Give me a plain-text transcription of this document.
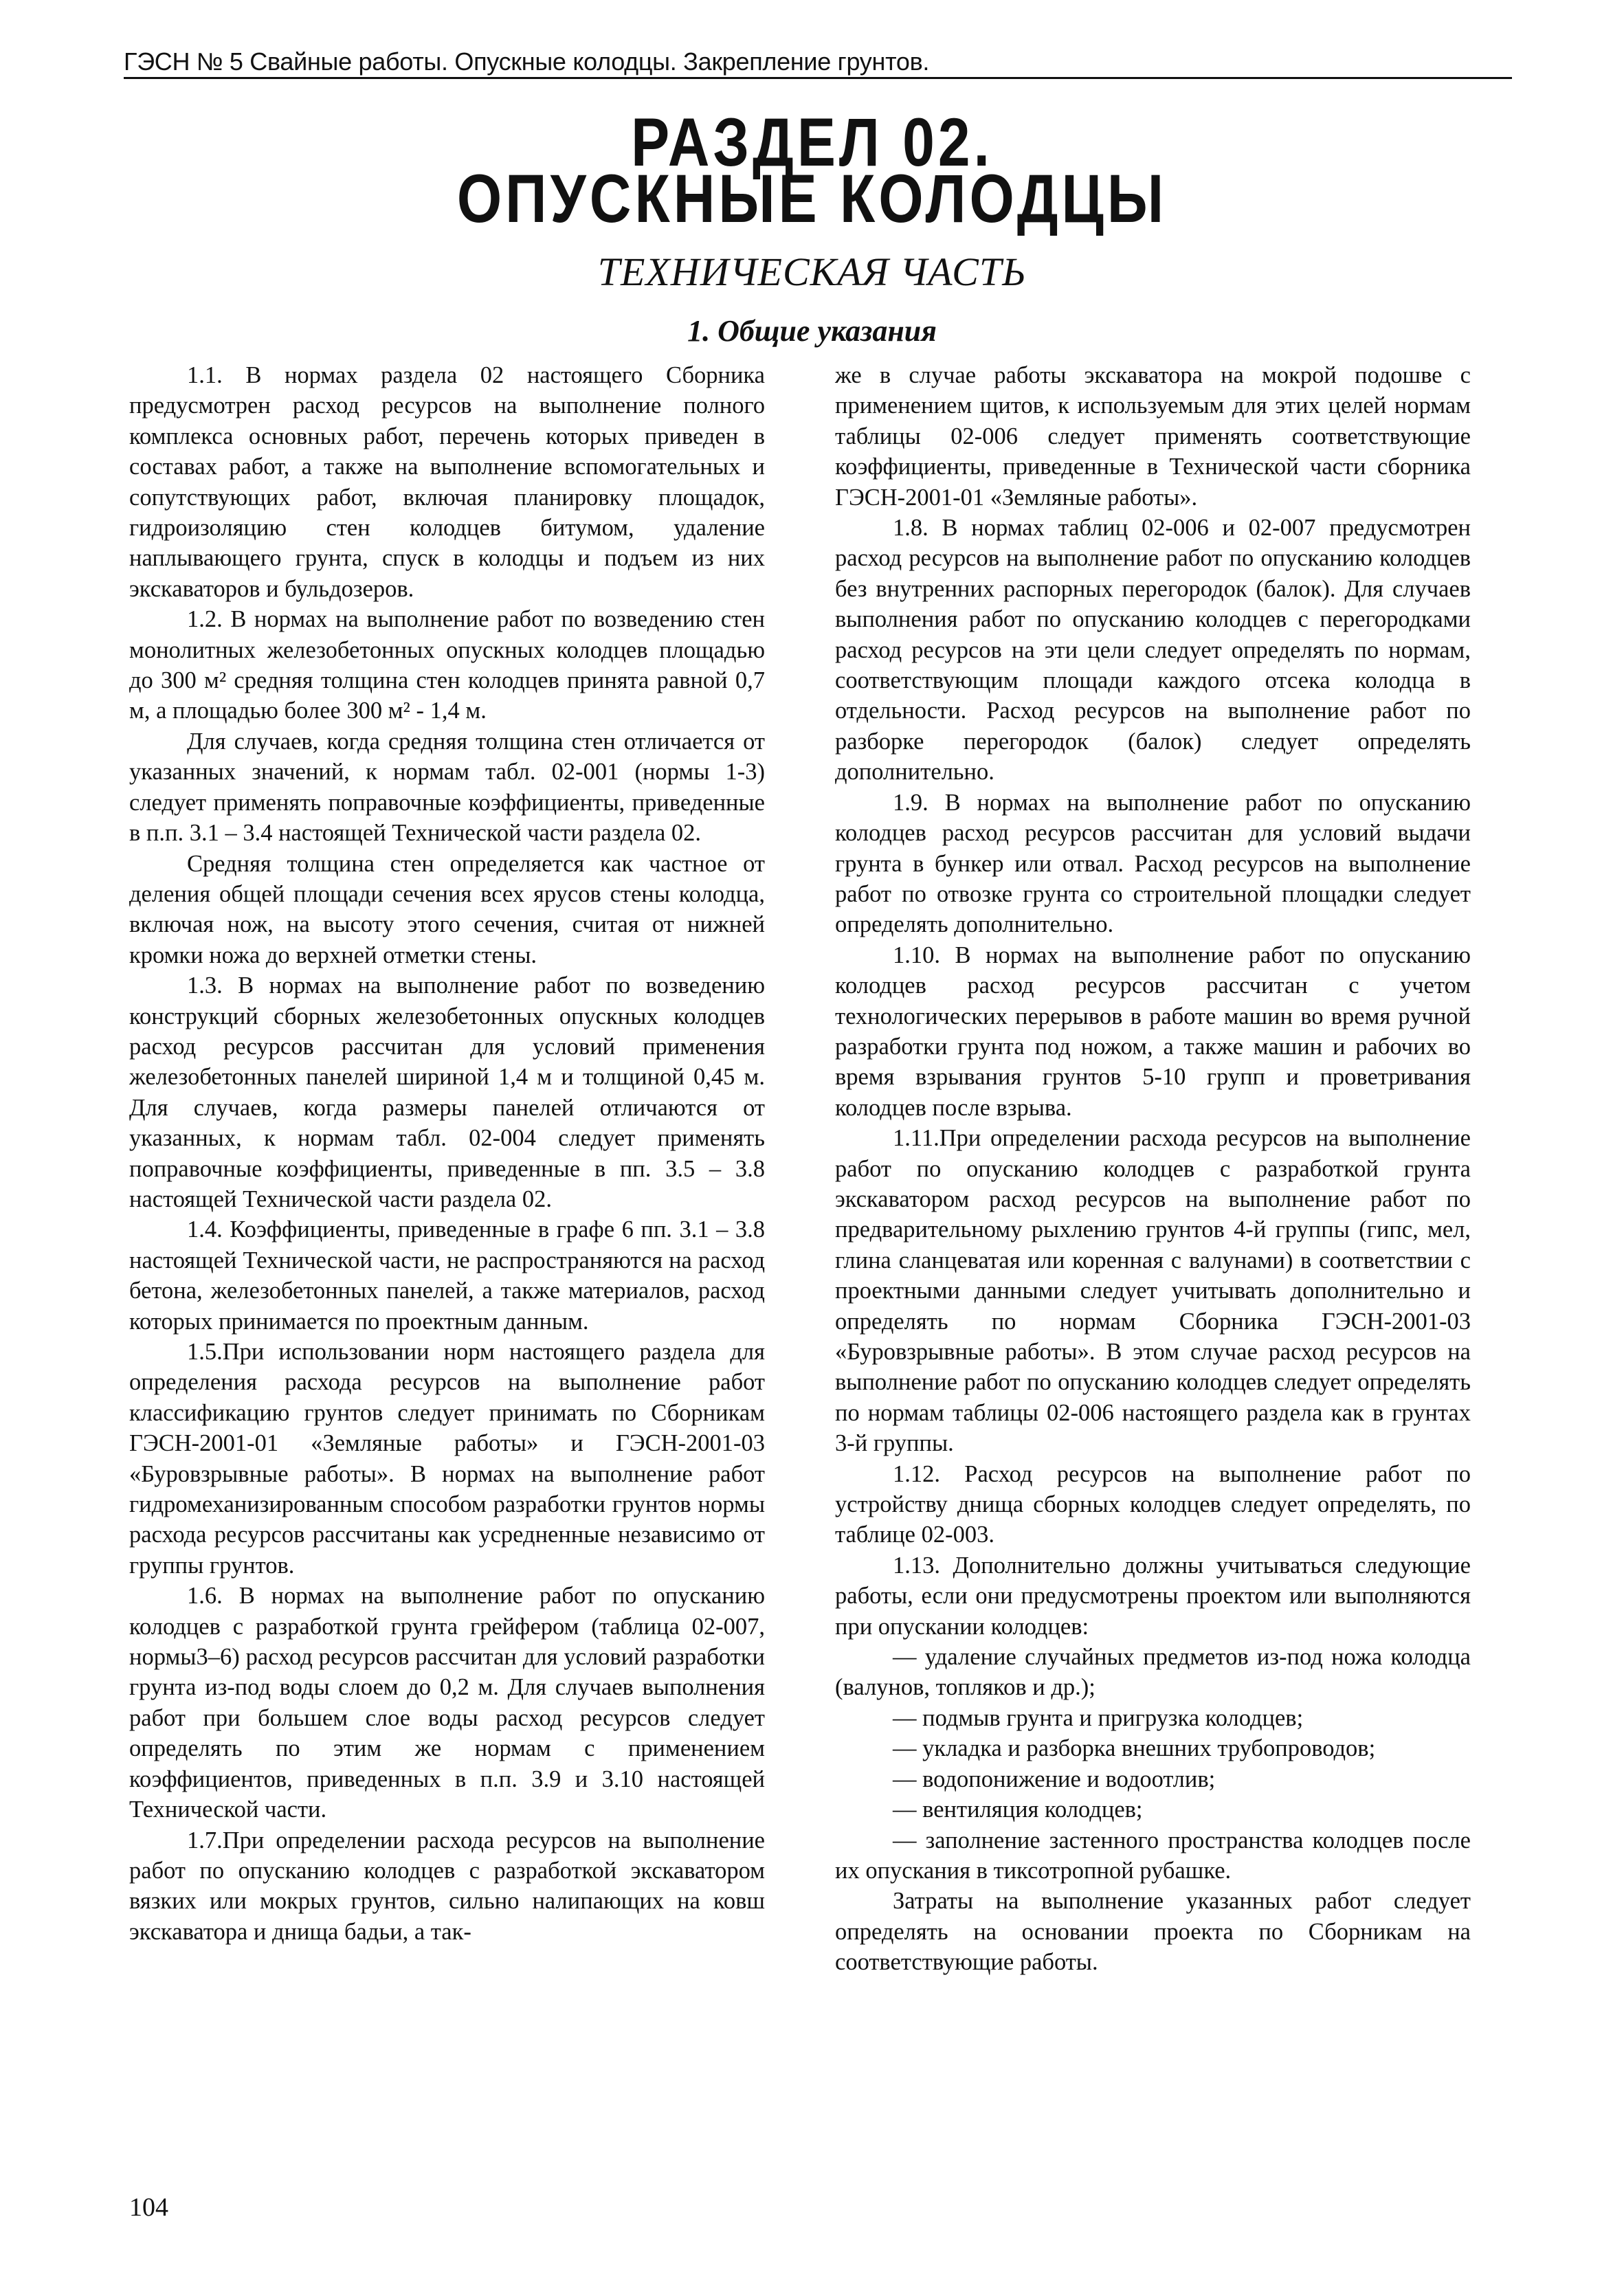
ГЭСН № 5 Свайные работы. Опускные колодцы. Закрепление грунтов.
РАЗДЕЛ 02.
ОПУСКНЫЕ КОЛОДЦЫ
ТЕХНИЧЕСКАЯ ЧАСТЬ
1. Общие указания

1.1. В нормах раздела 02 настоящего Сборника предусмотрен расход ресурсов на выполнение полного комплекса основных работ, перечень которых приведен в составах работ, а также на выполнение вспомогательных и сопутствующих работ, включая планировку площадок, гидроизоляцию стен колодцев битумом, удаление наплывающего грунта, спуск в колодцы и подъем из них экскаваторов и бульдозеров.

1.2. В нормах на выполнение работ по возведению стен монолитных железобетонных опускных колодцев площадью до 300 м² средняя толщина стен колодцев принята равной 0,7 м, а площадью более 300 м² - 1,4 м.

Для случаев, когда средняя толщина стен отличается от указанных значений, к нормам табл. 02-001 (нормы 1-3) следует применять поправочные коэффициенты, приведенные в п.п. 3.1 – 3.4 настоящей Технической части раздела 02.

Средняя толщина стен определяется как частное от деления общей площади сечения всех ярусов стены колодца, включая нож, на высоту этого сечения, считая от нижней кромки ножа до верхней отметки стены.

1.3. В нормах на выполнение работ по возведению конструкций сборных железобетонных опускных колодцев расход ресурсов рассчитан для условий применения железобетонных панелей шириной 1,4 м и толщиной 0,45 м. Для случаев, когда размеры панелей отличаются от указанных, к нормам табл. 02-004 следует применять поправочные коэффициенты, приведенные в пп. 3.5 – 3.8 настоящей Технической части раздела 02.

1.4. Коэффициенты, приведенные в графе 6 пп. 3.1 – 3.8 настоящей Технической части, не распространяются на расход бетона, железобетонных панелей, а также материалов, расход которых принимается по проектным данным.

1.5.При использовании норм настоящего раздела для определения расхода ресурсов на выполнение работ классификацию грунтов следует принимать по Сборникам ГЭСН-2001-01 «Земляные работы» и ГЭСН-2001-03 «Буровзрывные работы». В нормах на выполнение работ гидромеханизированным способом разработки грунтов нормы расхода ресурсов рассчитаны как усредненные независимо от группы грунтов.

1.6. В нормах на выполнение работ по опусканию колодцев с разработкой грунта грейфером (таблица 02-007, нормы3–6) расход ресурсов рассчитан для условий разработки грунта из-под воды слоем до 0,2 м. Для случаев выполнения работ при большем слое воды расход ресурсов следует определять по этим же нормам с применением коэффициентов, приведенных в п.п. 3.9 и 3.10 настоящей Технической части.

1.7.При определении расхода ресурсов на выполнение работ по опусканию колодцев с разработкой экскаватором вязких или мокрых грунтов, сильно налипающих на ковш экскаватора и днища бадьи, а так-

же в случае работы экскаватора на мокрой подошве с применением щитов, к используемым для этих целей нормам таблицы 02-006 следует применять соответствующие коэффициенты, приведенные в Технической части сборника ГЭСН-2001-01 «Земляные работы».

1.8. В нормах таблиц 02-006 и 02-007 предусмотрен расход ресурсов на выполнение работ по опусканию колодцев без внутренних распорных перегородок (балок). Для случаев выполнения работ по опусканию колодцев с перегородками расход ресурсов на эти цели следует определять по нормам, соответствующим площади каждого отсека колодца в отдельности. Расход ресурсов на выполнение работ по разборке перегородок (балок) следует определять дополнительно.

1.9. В нормах на выполнение работ по опусканию колодцев расход ресурсов рассчитан для условий выдачи грунта в бункер или отвал. Расход ресурсов на выполнение работ по отвозке грунта со строительной площадки следует определять дополнительно.

1.10. В нормах на выполнение работ по опусканию колодцев расход ресурсов рассчитан с учетом технологических перерывов в работе машин во время ручной разработки грунта под ножом, а также машин и рабочих во время взрывания грунтов 5-10 групп и проветривания колодцев после взрыва.

1.11.При определении расхода ресурсов на выполнение работ по опусканию колодцев с разработкой грунта экскаватором расход ресурсов на выполнение работ по предварительному рыхлению грунтов 4-й группы (гипс, мел, глина сланцеватая или коренная с валунами) в соответствии с проектными данными следует учитывать дополнительно и определять по нормам Сборника ГЭСН-2001-03 «Буровзрывные работы». В этом случае расход ресурсов на выполнение работ по опусканию колодцев следует определять по нормам таблицы 02-006 настоящего раздела как в грунтах 3-й группы.

1.12. Расход ресурсов на выполнение работ по устройству днища сборных колодцев следует определять, по таблице 02-003.

1.13. Дополнительно должны учитываться следующие работы, если они предусмотрены проектом или выполняются при опускании колодцев:

— удаление случайных предметов из-под ножа колодца (валунов, топляков и др.);

— подмыв грунта и пригрузка колодцев;

— укладка и разборка внешних трубопроводов;

— водопонижение и водоотлив;

— вентиляция колодцев;

— заполнение застенного пространства колодцев после их опускания в тиксотропной рубашке.

Затраты на выполнение указанных работ следует определять на основании проекта по Сборникам на соответствующие работы.

104
